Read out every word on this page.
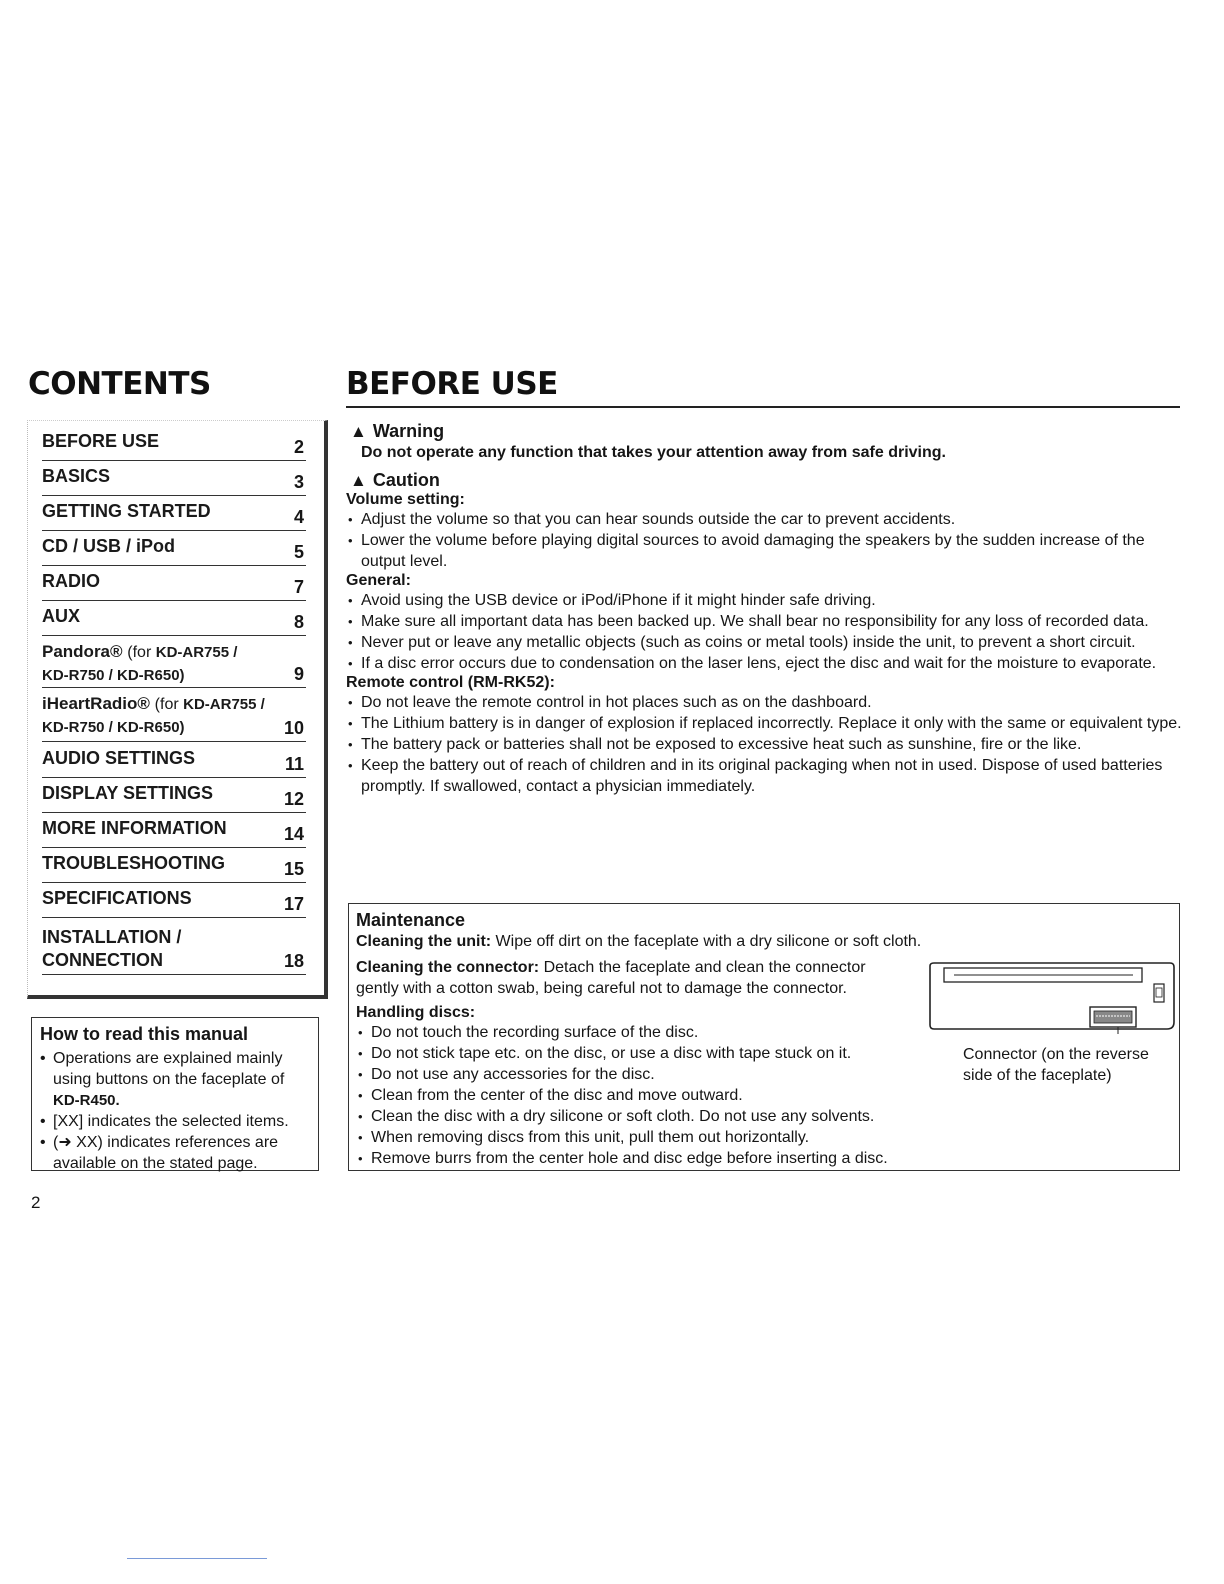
CONTENTS
BEFORE USE	2
BASICS	3
GETTING STARTED	4
CD / USB / iPod	5
RADIO	7
AUX	8
Pandora® (for KD-AR755 /
KD-R750 / KD-R650)	9
iHeartRadio® (for KD-AR755 /
KD-R750 / KD-R650)	10
AUDIO SETTINGS	11
DISPLAY SETTINGS	12
MORE INFORMATION	14
TROUBLESHOOTING	15
SPECIFICATIONS	17
INSTALLATION /
CONNECTION	18
How to read this manual
• Operations are explained mainly using buttons on the faceplate of
KD-R450.
• [XX] indicates the selected items.
• (➜ XX) indicates references are available on the stated page.
BEFORE USE
▲ Warning
Do not operate any function that takes your attention away from safe driving.
▲ Caution
Volume setting:
• Adjust the volume so that you can hear sounds outside the car to prevent accidents.
• Lower the volume before playing digital sources to avoid damaging the speakers by the sudden increase of the output level.
General:
• Avoid using the USB device or iPod/iPhone if it might hinder safe driving.
• Make sure all important data has been backed up. We shall bear no responsibility for any loss of recorded data.
• Never put or leave any metallic objects (such as coins or metal tools) inside the unit, to prevent a short circuit.
• If a disc error occurs due to condensation on the laser lens, eject the disc and wait for the moisture to evaporate.
Remote control (RM-RK52):
• Do not leave the remote control in hot places such as on the dashboard.
• The Lithium battery is in danger of explosion if replaced incorrectly. Replace it only with the same or equivalent type.
• The battery pack or batteries shall not be exposed to excessive heat such as sunshine, fire or the like.
• Keep the battery out of reach of children and in its original packaging when not in used. Dispose of used batteries promptly. If swallowed, contact a physician immediately.
Maintenance
Cleaning the unit: Wipe off dirt on the faceplate with a dry silicone or soft cloth.
Cleaning the connector: Detach the faceplate and clean the connector gently with a cotton swab, being careful not to damage the connector.
Handling discs:
• Do not touch the recording surface of the disc.
• Do not stick tape etc. on the disc, or use a disc with tape stuck on it.
• Do not use any accessories for the disc.
• Clean from the center of the disc and move outward.
• Clean the disc with a dry silicone or soft cloth. Do not use any solvents.
• When removing discs from this unit, pull them out horizontally.
• Remove burrs from the center hole and disc edge before inserting a disc.
Connector (on the reverse side of the faceplate)
2
